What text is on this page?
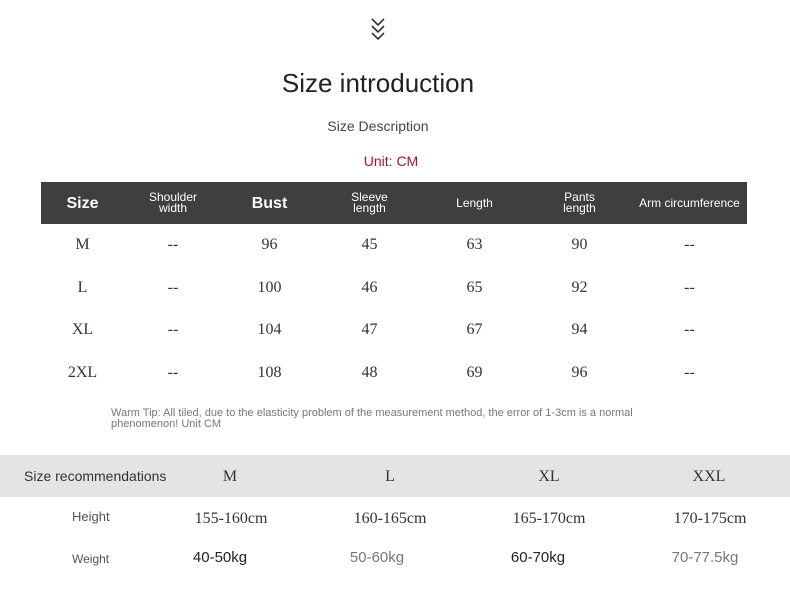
Size introduction
Size Description
Unit: CM
Size	Shoulder width	Bust	Sleeve length	Length	Pants length	Arm circumference
M	--	96	45	63	90	--
L	--	100	46	65	92	--
XL	--	104	47	67	94	--
2XL	--	108	48	69	96	--
Warm Tip: All tiled, due to the elasticity problem of the measurement method, the error of 1-3cm is a normal phenomenon! Unit CM
Size recommendations	M	L	XL	XXL
Height	155-160cm	160-165cm	165-170cm	170-175cm
Weight	40-50kg	50-60kg	60-70kg	70-77.5kg
